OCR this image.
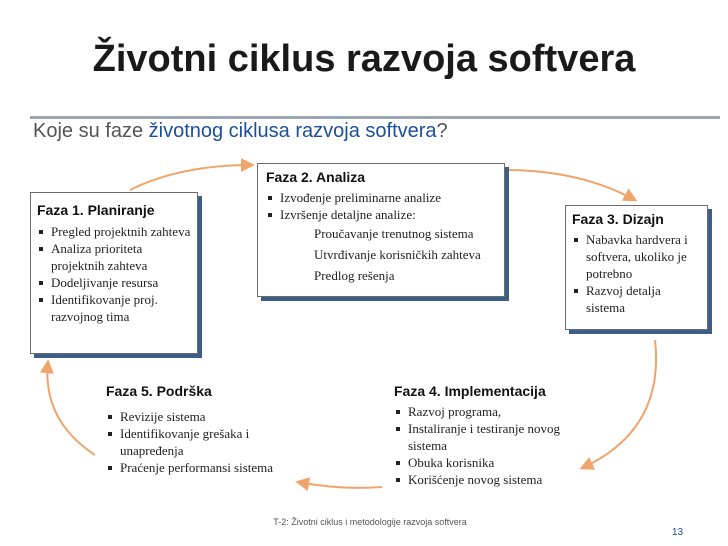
Životni ciklus razvoja softvera
Koje su faze životnog ciklusa razvoja softvera?
Faza 2. Analiza
Izvođenje preliminarne analize
Izvršenje detaljne analize:
Proučavanje trenutnog sistema
Utvrđivanje korisničkih zahteva
Predlog rešenja
Faza 1. Planiranje
Pregled projektnih zahteva
Analiza prioriteta projektnih zahteva
Dodeljivanje resursa
Identifikovanje proj. razvojnog tima
Faza 3. Dizajn
Nabavka hardvera i softvera, ukoliko je potrebno
Razvoj detalja sistema
Faza 5. Podrška
Revizije sistema
Identifikovanje grešaka i unapređenja
Praćenje performansi sistema
Faza 4. Implementacija
Razvoj programa,
Instaliranje i testiranje novog sistema
Obuka korisnika
Korišćenje novog sistema
T-2: Životni ciklus i metodologije razvoja softvera
13
